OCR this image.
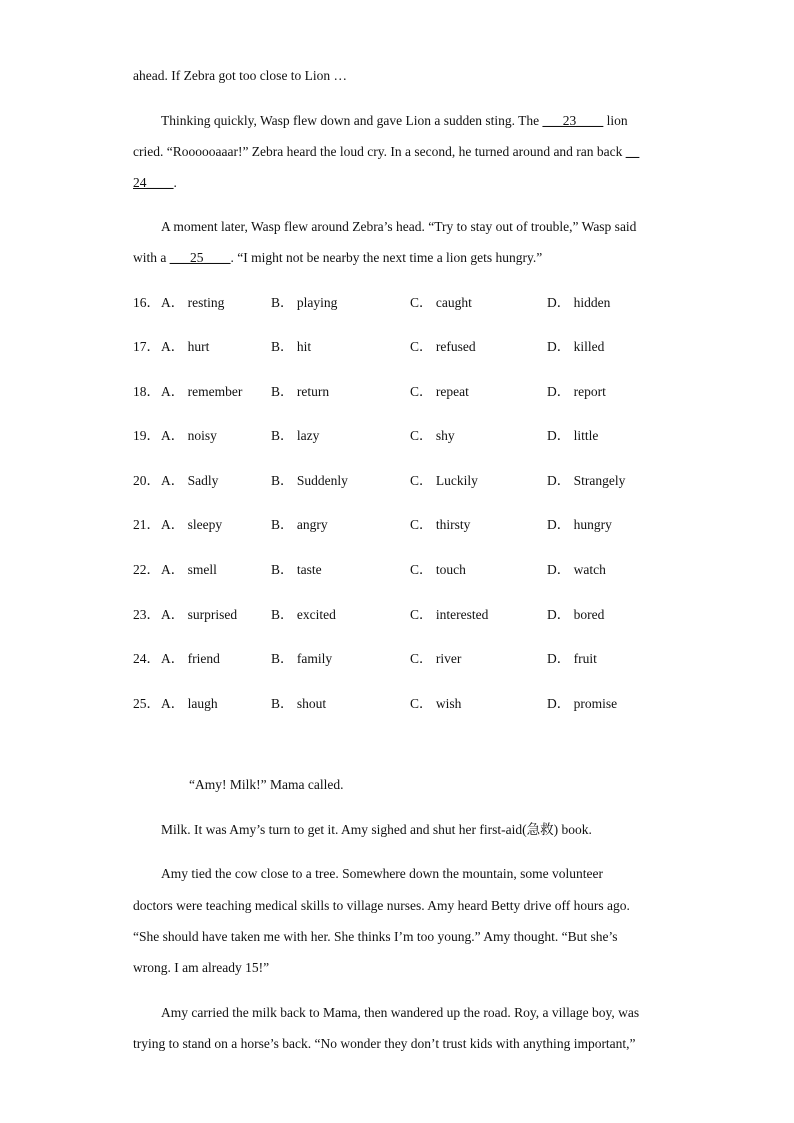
ahead. If Zebra got too close to Lion …
Thinking quickly, Wasp flew down and gave Lion a sudden sting. The ___23____ lion
cried. “Roooooaaar!” Zebra heard the loud cry. In a second, he turned around and ran back __
24____.
A moment later, Wasp flew around Zebra’s head. “Try to stay out of trouble,” Wasp said
with a ___25____. “I might not be nearby the next time a lion gets hungry.”
16． A． resting	B． playing	C． caught	D． hidden
17． A． hurt	B． hit	C． refused	D． killed
18． A． remember B． return	C． repeat	D． report
19． A． noisy	B． lazy	C． shy	D． little
20． A． Sadly	B． Suddenly	C． Luckily	D． Strangely
21． A． sleepy	B． angry	C． thirsty	D． hungry
22． A． smell	B． taste	C． touch	D． watch
23． A． surprised	B． excited	C． interested	D． bored
24． A． friend	B． family	C． river	D． fruit
25． A． laugh	B． shout	C． wish	D． promise
“Amy! Milk!” Mama called.
Milk. It was Amy’s turn to get it. Amy sighed and shut her first-aid(急救) book.
Amy tied the cow close to a tree. Somewhere down the mountain, some volunteer
doctors were teaching medical skills to village nurses. Amy heard Betty drive off hours ago.
“She should have taken me with her. She thinks I’m too young.” Amy thought. “But she’s
wrong. I am already 15!”
Amy carried the milk back to Mama, then wandered up the road. Roy, a village boy, was
trying to stand on a horse’s back. “No wonder they don’t trust kids with anything important,”
